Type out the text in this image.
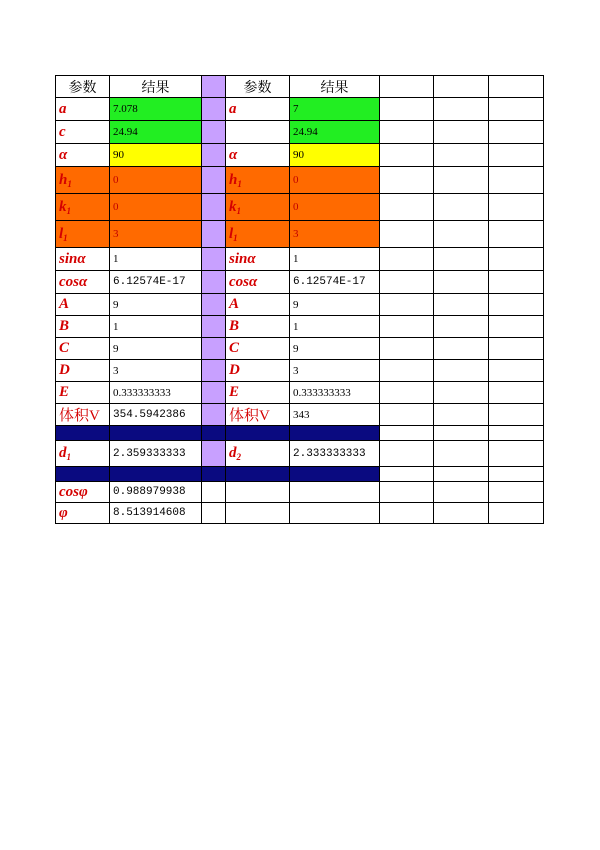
参数	结果		参数	结果			
a	7.078		a	7			
c	24.94			24.94			
α	90		α	90			
$h_1$	0		$h_1$	0			
$k_1$	0		$k_1$	0			
$l_1$	3		$l_1$	3			
sinα	1		sinα	1			
cosα	6.12574E-17		cosα	6.12574E-17			
A	9		A	9			
B	1		B	1			
C	9		C	9			
D	3		D	3			
E	0.333333333		E	0.333333333			
体积V	354.5942386		体积V	343			

$d_1$	2.359333333		$d_2$	2.333333333			

cosφ	0.988979938						
φ	8.513914608						
